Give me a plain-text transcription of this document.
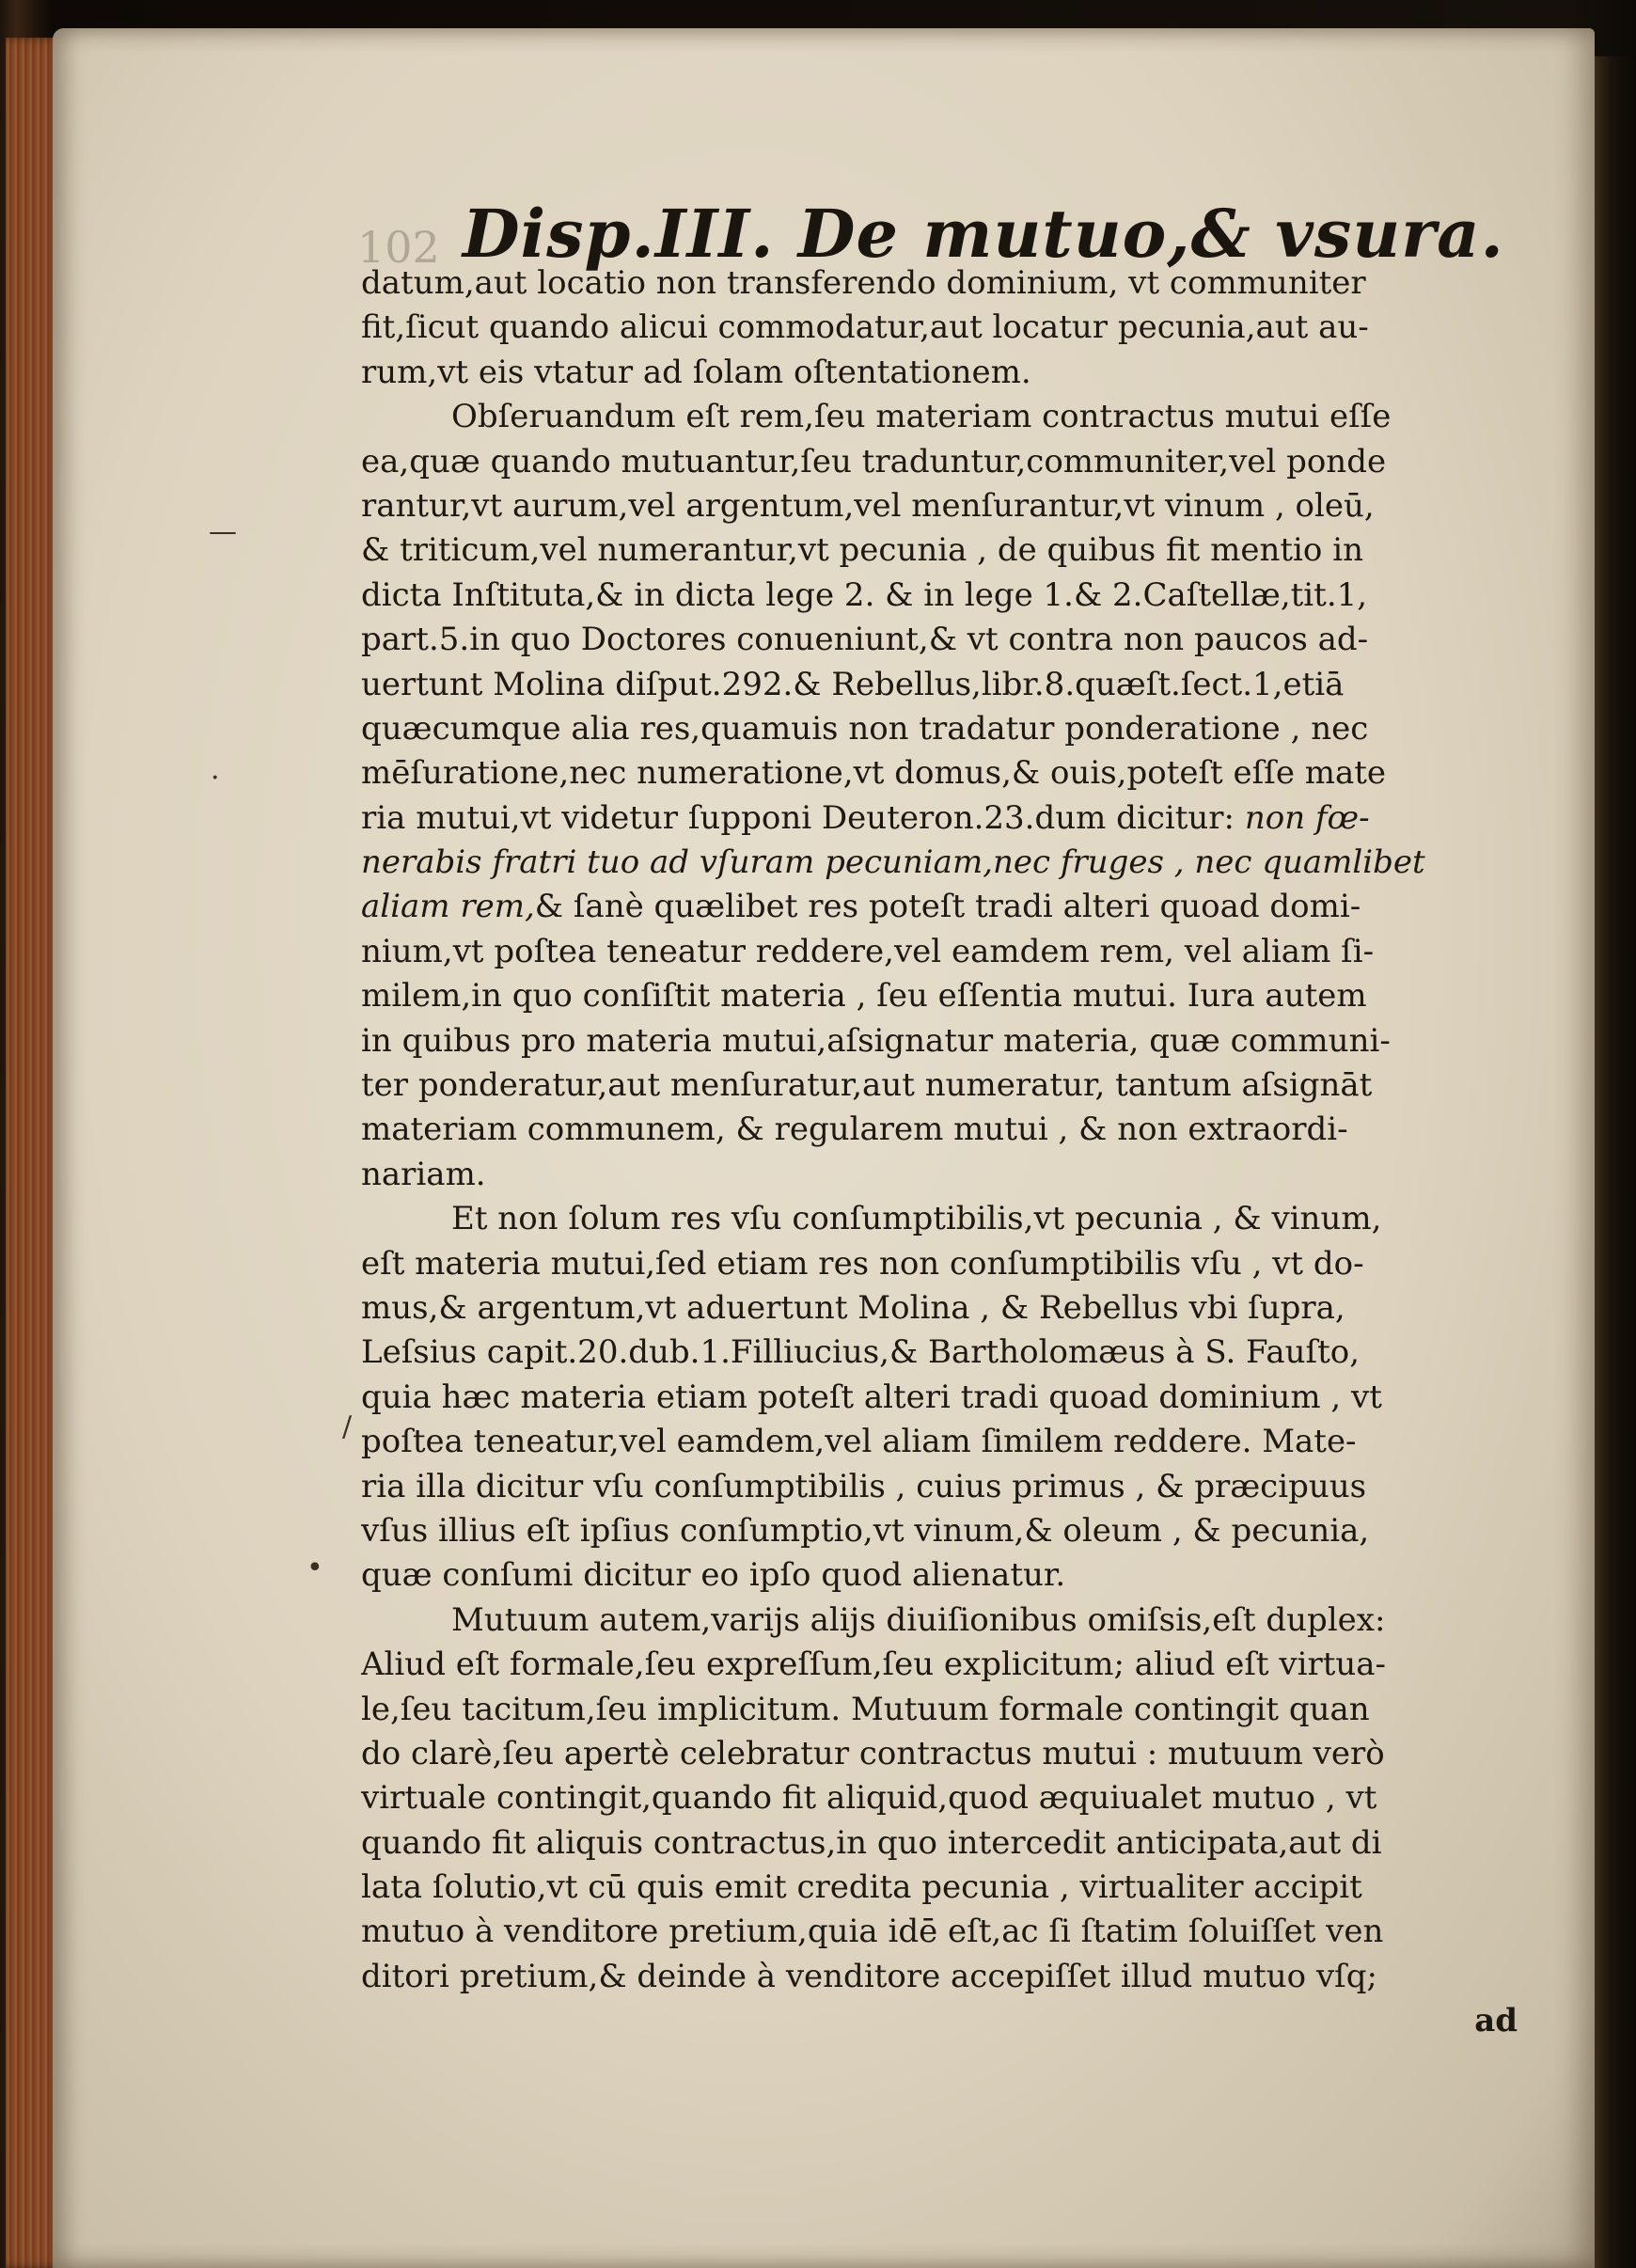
102 Disp.III. De mutuo,& vsura.
datum,aut locatio non transferendo dominium, vt communiter
fit,ſicut quando alicui commodatur,aut locatur pecunia,aut au-
rum,vt eis vtatur ad ſolam oſtentationem.
Obſeruandum eſt rem,ſeu materiam contractus mutui eſſe
ea,quæ quando mutuantur,ſeu traduntur,communiter,vel ponde
rantur,vt aurum,vel argentum,vel menſurantur,vt vinum , oleū,
& triticum,vel numerantur,vt pecunia , de quibus fit mentio in
dicta Inſtituta,& in dicta lege 2. & in lege 1.& 2.Caſtellæ,tit.1,
part.5.in quo Doctores conueniunt,& vt contra non paucos ad-
uertunt Molina diſput.292.& Rebellus,libr.8.quæſt.ſect.1,etiā
quæcumque alia res,quamuis non tradatur ponderatione , nec
mēſuratione,nec numeratione,vt domus,& ouis,poteſt eſſe mate
ria mutui,vt videtur ſupponi Deuteron.23.dum dicitur: non fœ-
nerabis fratri tuo ad vſuram pecuniam,nec fruges , nec quamlibet
aliam rem,& ſanè quælibet res poteſt tradi alteri quoad domi-
nium,vt poſtea teneatur reddere,vel eamdem rem, vel aliam ſi-
milem,in quo conſiſtit materia , ſeu eſſentia mutui. Iura autem
in quibus pro materia mutui,aſsignatur materia, quæ communi-
ter ponderatur,aut menſuratur,aut numeratur, tantum aſsignāt
materiam communem, & regularem mutui , & non extraordi-
nariam.
Et non ſolum res vſu conſumptibilis,vt pecunia , & vinum,
eſt materia mutui,ſed etiam res non conſumptibilis vſu , vt do-
mus,& argentum,vt aduertunt Molina , & Rebellus vbi ſupra,
Leſsius capit.20.dub.1.Filliucius,& Bartholomæus à S. Fauſto,
quia hæc materia etiam poteſt alteri tradi quoad dominium , vt
poſtea teneatur,vel eamdem,vel aliam ſimilem reddere. Mate-
ria illa dicitur vſu conſumptibilis , cuius primus , & præcipuus
vſus illius eſt ipſius conſumptio,vt vinum,& oleum , & pecunia,
quæ conſumi dicitur eo ipſo quod alienatur.
Mutuum autem,varijs alijs diuiſionibus omiſsis,eſt duplex:
Aliud eſt formale,ſeu expreſſum,ſeu explicitum; aliud eſt virtua-
le,ſeu tacitum,ſeu implicitum. Mutuum formale contingit quan
do clarè,ſeu apertè celebratur contractus mutui : mutuum verò
virtuale contingit,quando fit aliquid,quod æquiualet mutuo , vt
quando fit aliquis contractus,in quo intercedit anticipata,aut di
lata ſolutio,vt cū quis emit credita pecunia , virtualiter accipit
mutuo à venditore pretium,quia idē eſt,ac ſi ſtatim ſoluiſſet ven
ditori pretium,& deinde à venditore accepiſſet illud mutuo vſq;
ad
—
·
•
/
